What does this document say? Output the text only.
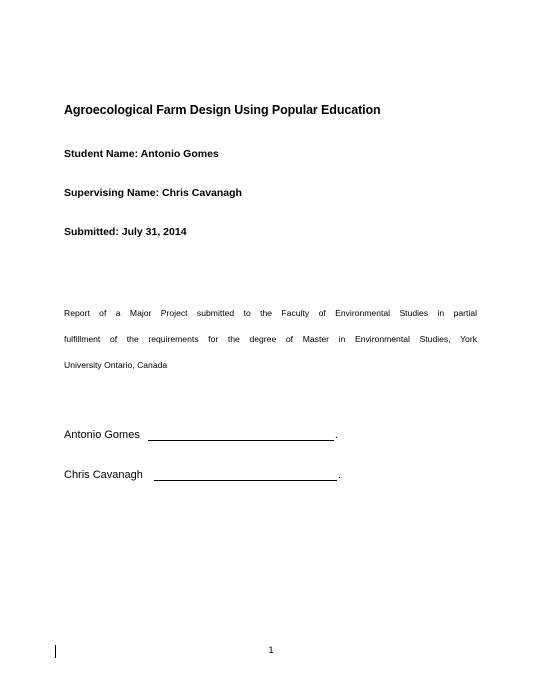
Agroecological Farm Design Using Popular Education
Student Name: Antonio Gomes
Supervising Name: Chris Cavanagh
Submitted: July 31, 2014

Report of a Major Project submitted to the Faculty of Environmental Studies in partial

fulfillment of the requirements for the degree of Master in Environmental Studies, York

University Ontario, Canada

Antonio Gomes	.
Chris Cavanagh	.
1
